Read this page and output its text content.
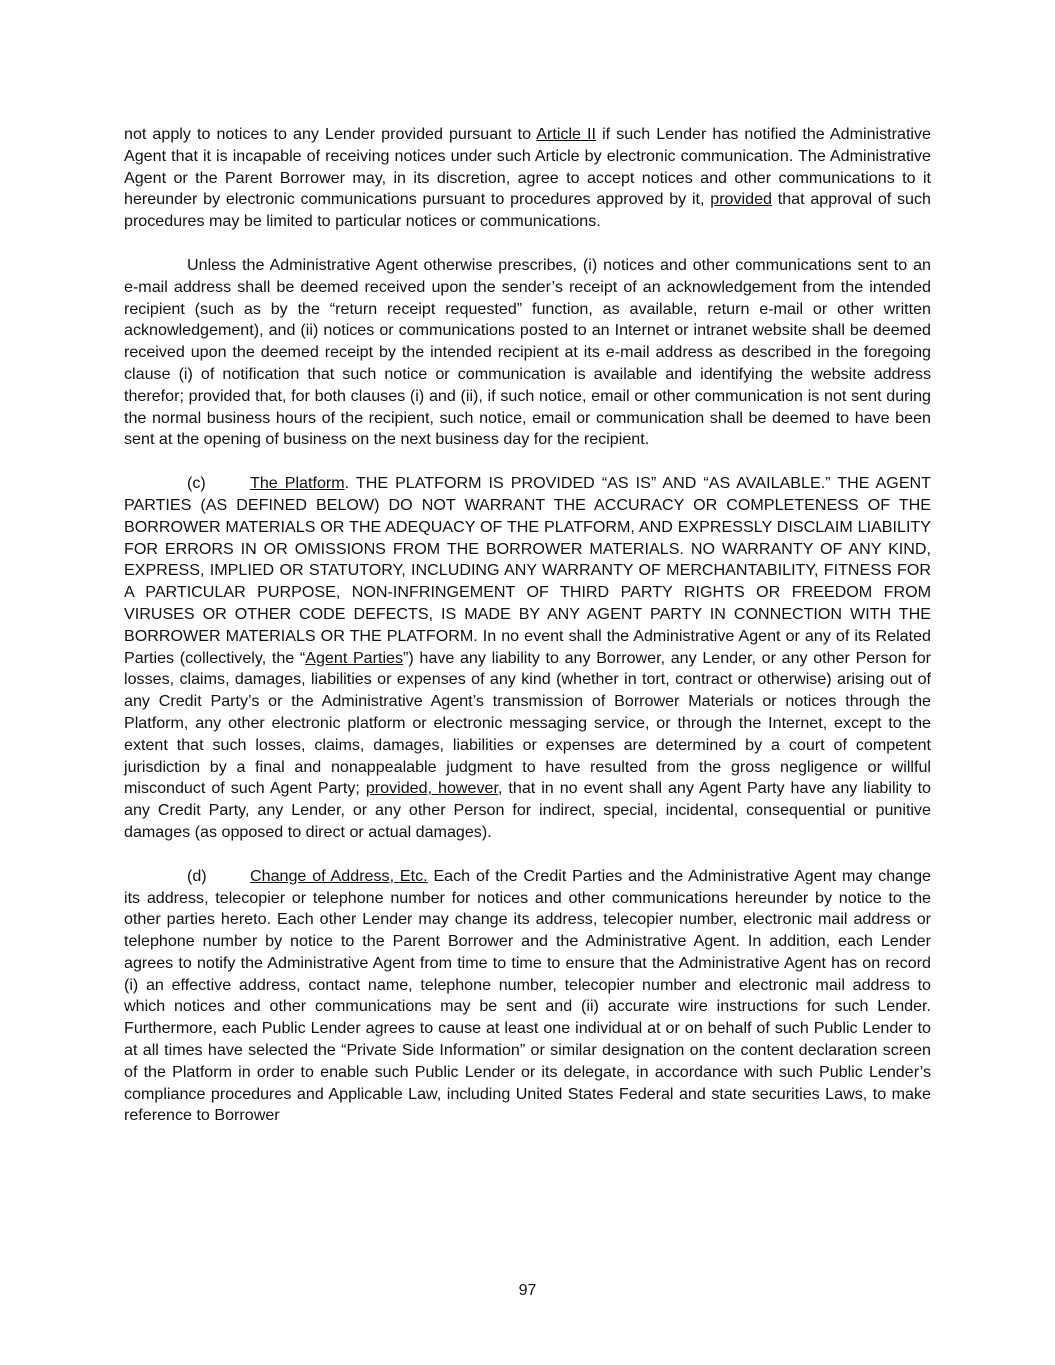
not apply to notices to any Lender provided pursuant to Article II if such Lender has notified the Administrative Agent that it is incapable of receiving notices under such Article by electronic communication. The Administrative Agent or the Parent Borrower may, in its discretion, agree to accept notices and other communications to it hereunder by electronic communications pursuant to procedures approved by it, provided that approval of such procedures may be limited to particular notices or communications.

Unless the Administrative Agent otherwise prescribes, (i) notices and other communications sent to an e-mail address shall be deemed received upon the sender’s receipt of an acknowledgement from the intended recipient (such as by the “return receipt requested” function, as available, return e-mail or other written acknowledgement), and (ii) notices or communications posted to an Internet or intranet website shall be deemed received upon the deemed receipt by the intended recipient at its e-mail address as described in the foregoing clause (i) of notification that such notice or communication is available and identifying the website address therefor; provided that, for both clauses (i) and (ii), if such notice, email or other communication is not sent during the normal business hours of the recipient, such notice, email or communication shall be deemed to have been sent at the opening of business on the next business day for the recipient.

(c)	The Platform. THE PLATFORM IS PROVIDED “AS IS” AND “AS AVAILABLE.” THE AGENT PARTIES (AS DEFINED BELOW) DO NOT WARRANT THE ACCURACY OR COMPLETENESS OF THE BORROWER MATERIALS OR THE ADEQUACY OF THE PLATFORM, AND EXPRESSLY DISCLAIM LIABILITY FOR ERRORS IN OR OMISSIONS FROM THE BORROWER MATERIALS. NO WARRANTY OF ANY KIND, EXPRESS, IMPLIED OR STATUTORY, INCLUDING ANY WARRANTY OF MERCHANTABILITY, FITNESS FOR A PARTICULAR PURPOSE, NON-INFRINGEMENT OF THIRD PARTY RIGHTS OR FREEDOM FROM VIRUSES OR OTHER CODE DEFECTS, IS MADE BY ANY AGENT PARTY IN CONNECTION WITH THE BORROWER MATERIALS OR THE PLATFORM. In no event shall the Administrative Agent or any of its Related Parties (collectively, the “Agent Parties”) have any liability to any Borrower, any Lender, or any other Person for losses, claims, damages, liabilities or expenses of any kind (whether in tort, contract or otherwise) arising out of any Credit Party’s or the Administrative Agent’s transmission of Borrower Materials or notices through the Platform, any other electronic platform or electronic messaging service, or through the Internet, except to the extent that such losses, claims, damages, liabilities or expenses are determined by a court of competent jurisdiction by a final and nonappealable judgment to have resulted from the gross negligence or willful misconduct of such Agent Party; provided, however, that in no event shall any Agent Party have any liability to any Credit Party, any Lender, or any other Person for indirect, special, incidental, consequential or punitive damages (as opposed to direct or actual damages).

(d)	Change of Address, Etc. Each of the Credit Parties and the Administrative Agent may change its address, telecopier or telephone number for notices and other communications hereunder by notice to the other parties hereto. Each other Lender may change its address, telecopier number, electronic mail address or telephone number by notice to the Parent Borrower and the Administrative Agent. In addition, each Lender agrees to notify the Administrative Agent from time to time to ensure that the Administrative Agent has on record (i) an effective address, contact name, telephone number, telecopier number and electronic mail address to which notices and other communications may be sent and (ii) accurate wire instructions for such Lender. Furthermore, each Public Lender agrees to cause at least one individual at or on behalf of such Public Lender to at all times have selected the “Private Side Information” or similar designation on the content declaration screen of the Platform in order to enable such Public Lender or its delegate, in accordance with such Public Lender’s compliance procedures and Applicable Law, including United States Federal and state securities Laws, to make reference to Borrower

97
